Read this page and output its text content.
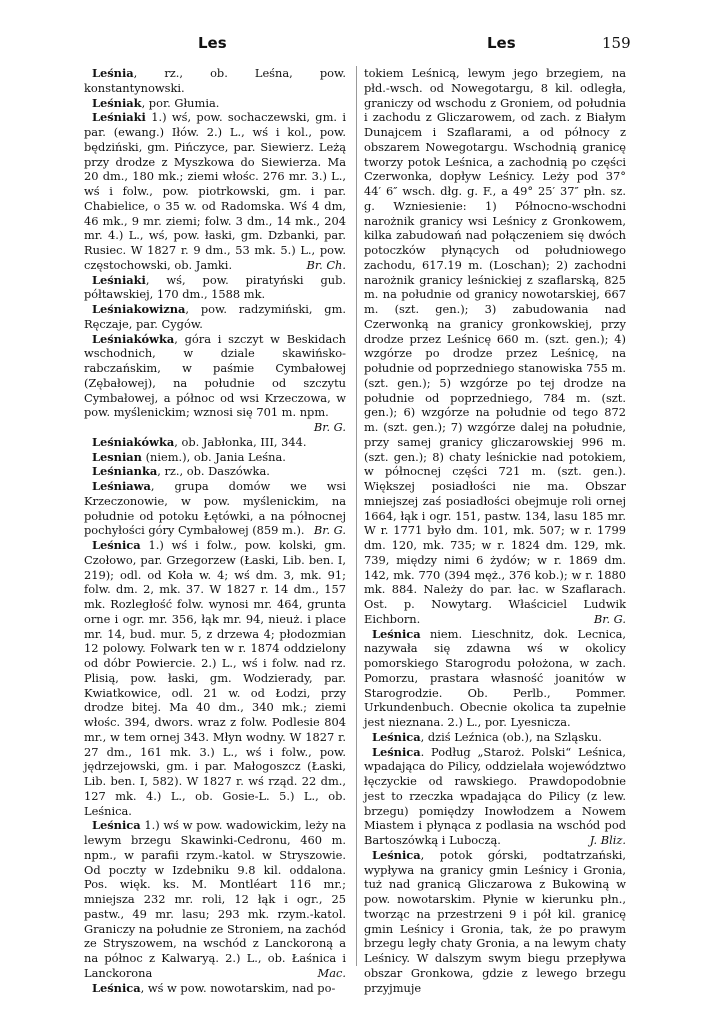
Les	Les	159

Leśnia, rz., ob. Leśna, pow. konstantynowski.

Leśniak, por. Głumia.

Leśniaki 1.) wś, pow. sochaczewski, gm. i par. (ewang.) Iłów. 2.) L., wś i kol., pow. będziński, gm. Pińczyce, par. Siewierz. Leżą przy drodze z Myszkowa do Siewierza. Ma 20 dm., 180 mk.; ziemi włośc. 276 mr. 3.) L., wś i folw., pow. piotrkowski, gm. i par. Chabielice, o 35 w. od Radomska. Wś 4 dm, 46 mk., 9 mr. ziemi; folw. 3 dm., 14 mk., 204 mr. 4.) L., wś, pow. łaski, gm. Dzbanki, par. Rusiec. W 1827 r. 9 dm., 53 mk. 5.) L., pow. częstochowski, ob. Jamki.	Br. Ch.

Leśniaki, wś, pow. piratyński gub. półtawskiej, 170 dm., 1588 mk.

Leśniakowizna, pow. radzymiński, gm. Ręczaje, par. Cygów.

Leśniakówka, góra i szczyt w Beskidach wschodnich, w dziale skawińsko-rabczańskim, w paśmie Cymbałowej (Zębałowej), na południe od szczytu Cymbałowej, a północ od wsi Krzeczowa, w pow. myślenickim; wznosi się 701 m. npm.
Br. G.

Leśniakówka, ob. Jabłonka, III, 344.

Lesnian (niem.), ob. Jania Leśna.

Leśnianka, rz., ob. Daszówka.

Leśniawa, grupa domów we wsi Krzeczonowie, w pow. myślenickim, na południe od potoku Łętówki, a na północnej pochyłości góry Cymbałowej (859 m.). Br. G.

Leśnica 1.) wś i folw., pow. kolski, gm. Czołowo, par. Grzegorzew (Łaski, Lib. ben. I, 219); odl. od Koła w. 4; wś dm. 3, mk. 91; folw. dm. 2, mk. 37. W 1827 r. 14 dm., 157 mk. Rozległość folw. wynosi mr. 464, grunta orne i ogr. mr. 356, łąk mr. 94, nieuż. i place mr. 14, bud. mur. 5, z drzewa 4; płodozmian 12 polowy. Folwark ten w r. 1874 oddzielony od dóbr Powiercie. 2.) L., wś i folw. nad rz. Plisią, pow. łaski, gm. Wodzierady, par. Kwiatkowice, odl. 21 w. od Łodzi, przy drodze bitej. Ma 40 dm., 340 mk.; ziemi włośc. 394, dwors. wraz z folw. Podlesie 804 mr., w tem ornej 343. Młyn wodny. W 1827 r. 27 dm., 161 mk. 3.) L., wś i folw., pow. jędrzejowski, gm. i par. Małogoszcz (Łaski, Lib. ben. I, 582). W 1827 r. wś rząd. 22 dm., 127 mk. 4.) L., ob. Gosie-L. 5.) L., ob. Leśnica.

Leśnica 1.) wś w pow. wadowickim, leży na lewym brzegu Skawinki-Cedronu, 460 m. npm., w parafii rzym.-katol. w Stryszowie. Od poczty w Izdebniku 9.8 kil. oddalona. Pos. więk. ks. M. Montléart 116 mr.; mniejsza 232 mr. roli, 12 łąk i ogr., 25 pastw., 49 mr. lasu; 293 mk. rzym.-katol. Graniczy na południe ze Stroniem, na zachód ze Stryszowem, na wschód z Lanckoroną a na północ z Kalwaryą. 2.) L., ob. Łaśnica i Lanckorona	Mac.

Leśnica, wś w pow. nowotarskim, nad po-

tokiem Leśnicą, lewym jego brzegiem, na płd.-wsch. od Nowegotargu, 8 kil. odległa, graniczy od wschodu z Groniem, od południa i zachodu z Gliczarowem, od zach. z Białym Dunajcem i Szaflarami, a od północy z obszarem Nowegotargu. Wschodnią granicę tworzy potok Leśnica, a zachodnią po części Czerwonka, dopływ Leśnicy. Leży pod 37° 44′ 6″ wsch. dłg. g. F., a 49° 25′ 37″ płn. sz. g. Wzniesienie: 1) Północno-wschodni narożnik granicy wsi Leśnicy z Gronkowem, kilka zabudowań nad połączeniem się dwóch potoczków płynących od południowego zachodu, 617.19 m. (Loschan); 2) zachodni narożnik granicy leśnickiej z szaflarską, 825 m. na południe od granicy nowotarskiej, 667 m. (szt. gen.); 3) zabudowania nad Czerwonką na granicy gronkowskiej, przy drodze przez Leśnicę 660 m. (szt. gen.); 4) wzgórze po drodze przez Leśnicę, na południe od poprzedniego stanowiska 755 m. (szt. gen.); 5) wzgórze po tej drodze na południe od poprzedniego, 784 m. (szt. gen.); 6) wzgórze na południe od tego 872 m. (szt. gen.); 7) wzgórze dalej na południe, przy samej granicy gliczarowskiej 996 m. (szt. gen.); 8) chaty leśnickie nad potokiem, w północnej części 721 m. (szt. gen.). Większej posiadłości nie ma. Obszar mniejszej zaś posiadłości obejmuje roli ornej 1664, łąk i ogr. 151, pastw. 134, lasu 185 mr. W r. 1771 było dm. 101, mk. 507; w r. 1799 dm. 120, mk. 735; w r. 1824 dm. 129, mk. 739, między nimi 6 żydów; w r. 1869 dm. 142, mk. 770 (394 męż., 376 kob.); w r. 1880 mk. 884. Należy do par. łac. w Szaflarach. Ost. p. Nowytarg. Właściciel Ludwik Eichborn.	Br. G.

Leśnica niem. Lieschnitz, dok. Lecnica, nazywała się zdawna wś w okolicy pomorskiego Starogrodu położona, w zach. Pomorzu, prastara własność joanitów w Starogrodzie. Ob. Perlb., Pommer. Urkundenbuch. Obecnie okolica ta zupełnie jest nieznana. 2.) L., por. Lyesnicza.

Leśnica, dziś Leźnica (ob.), na Szląsku.

Leśnica. Podług „Staroż. Polski“ Leśnica, wpadająca do Pilicy, oddzielała województwo łęczyckie od rawskiego. Prawdopodobnie jest to rzeczka wpadająca do Pilicy (z lew. brzegu) pomiędzy Inowłodzem a Nowem Miastem i płynąca z podlasia na wschód pod Bartoszówką i Luboczą.	J. Bliz.

Leśnica, potok górski, podtatrzański, wypływa na granicy gmin Leśnicy i Gronia, tuż nad granicą Gliczarowa z Bukowiną w pow. nowotarskim. Płynie w kierunku płn., tworząc na przestrzeni 9 i pół kil. granicę gmin Leśnicy i Gronia, tak, że po prawym brzegu legły chaty Gronia, a na lewym chaty Leśnicy. W dalszym swym biegu przepływa obszar Gronkowa, gdzie z lewego brzegu przyjmuje
